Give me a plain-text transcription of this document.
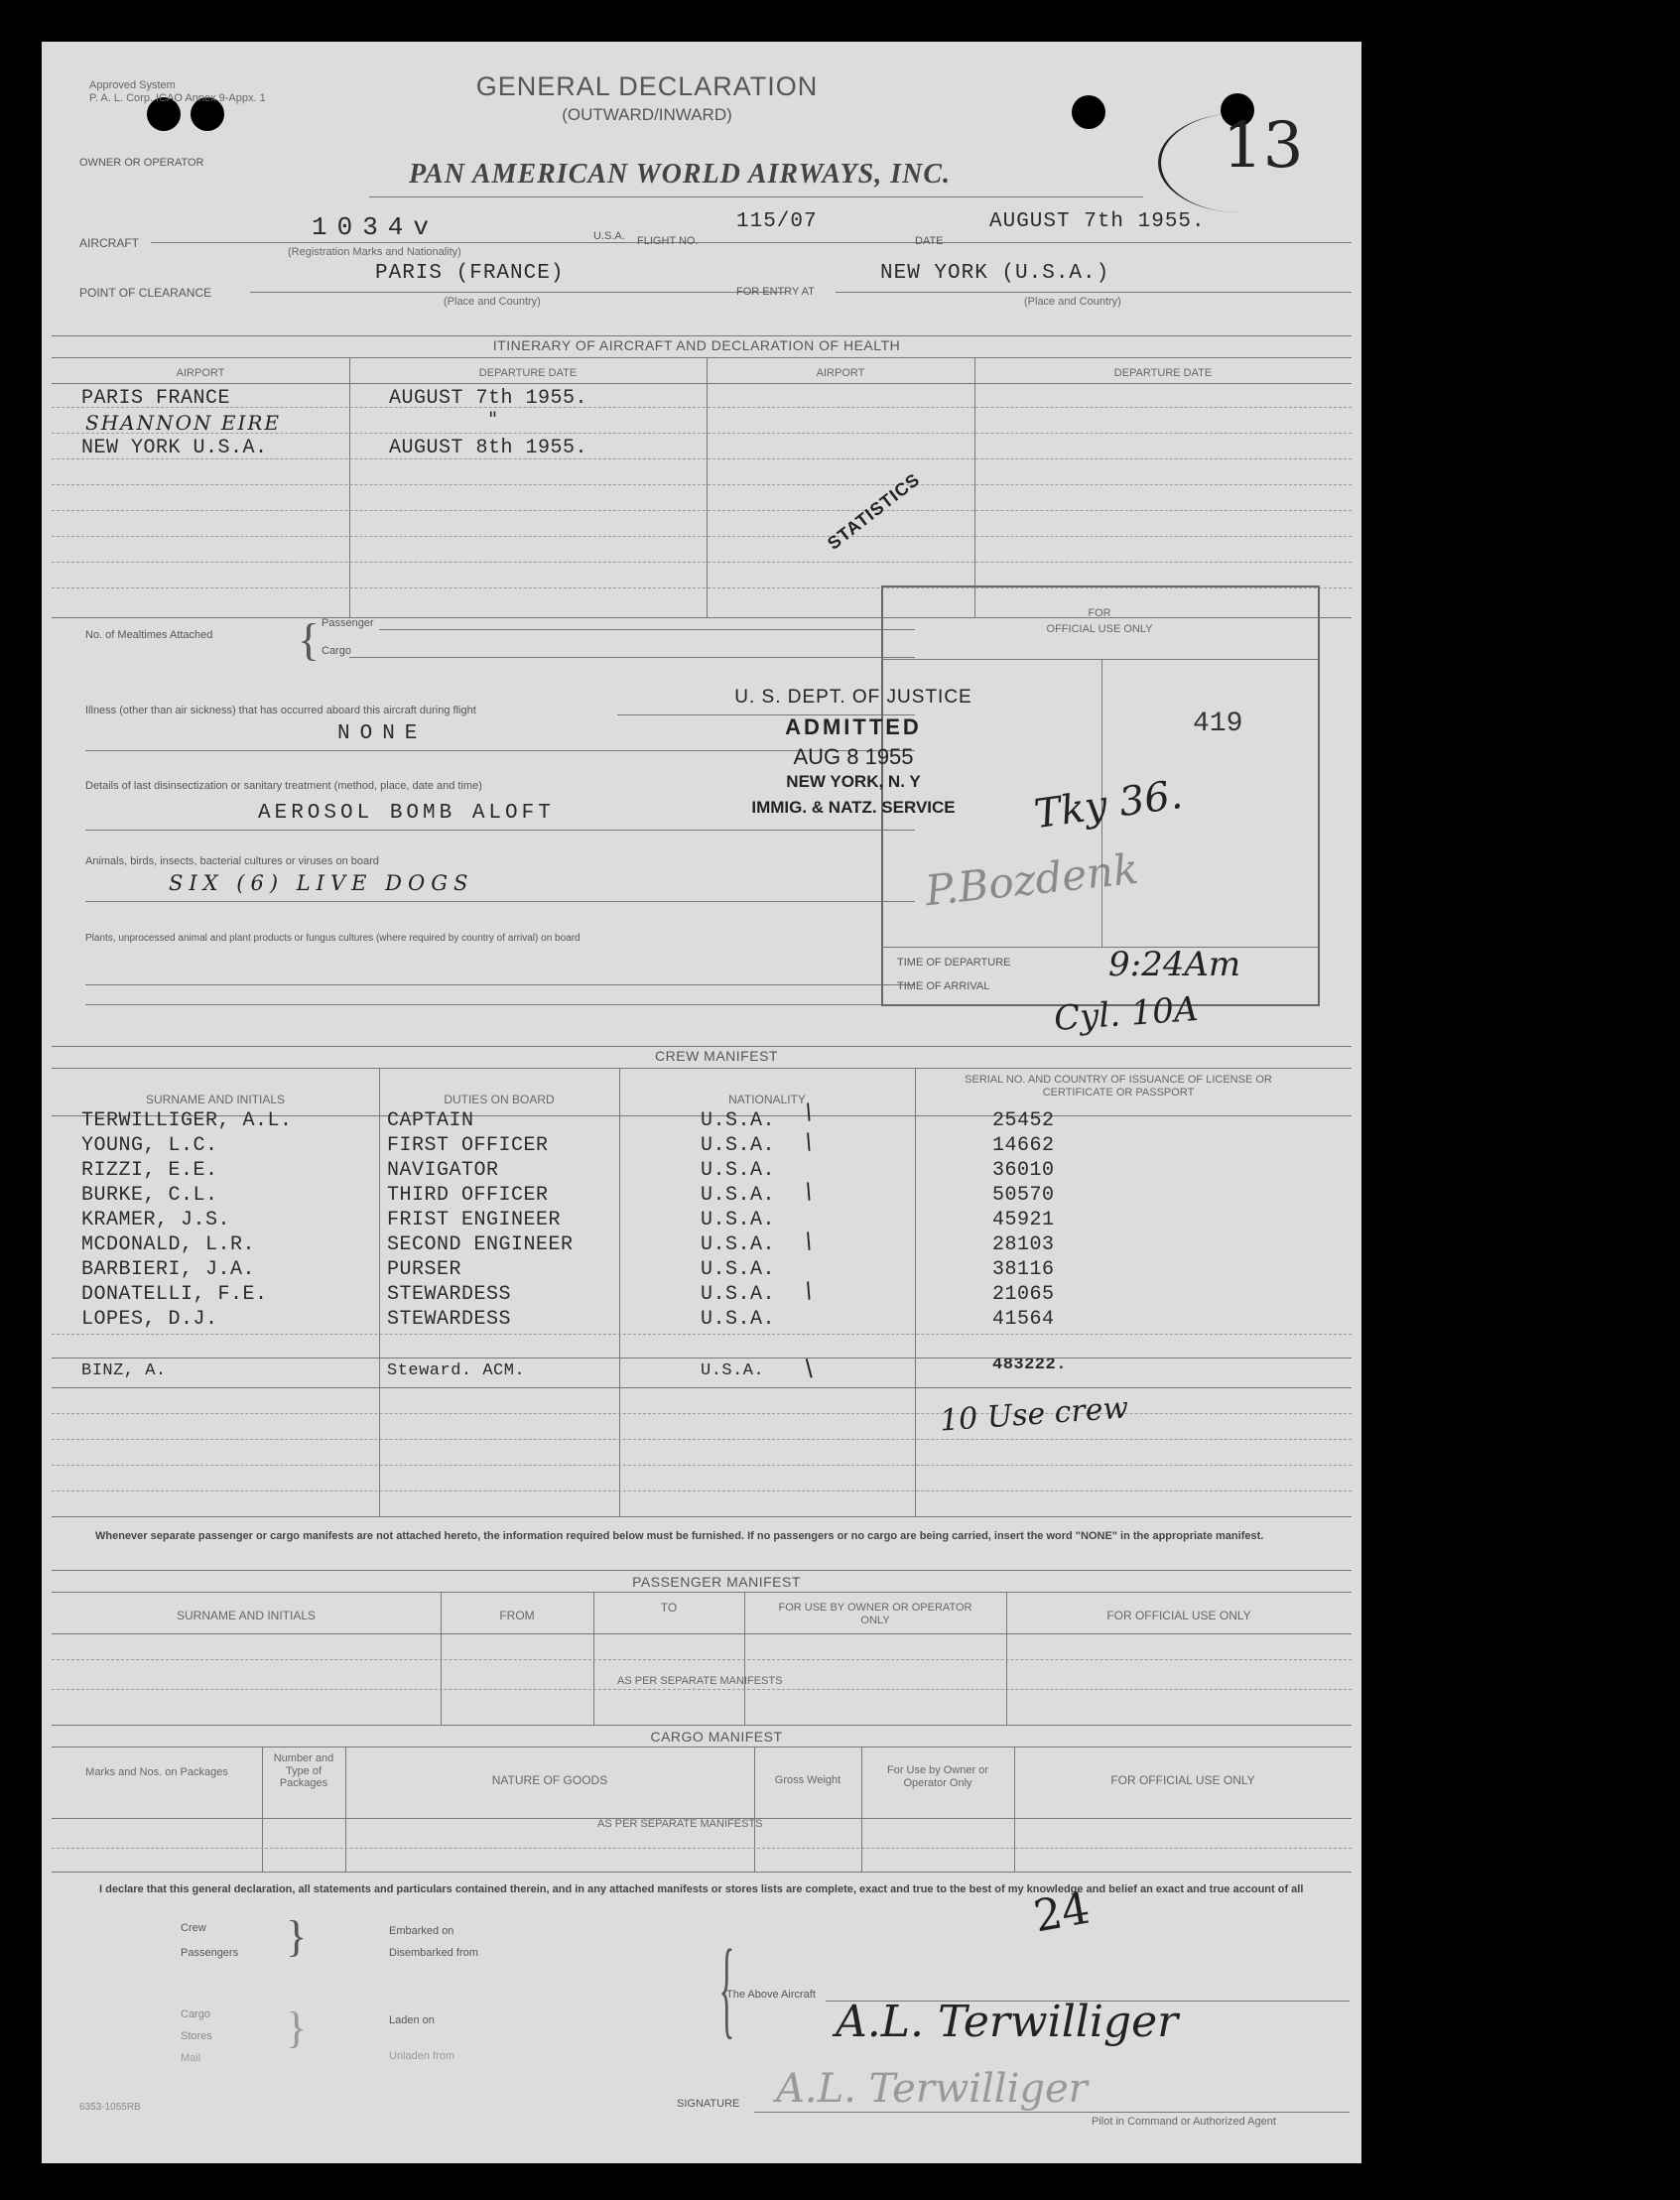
Approved System
P. A. L. Corp. ICAO Annex 9-Appx. 1	GENERAL DECLARATION
(OUTWARD/INWARD)	13
OWNER OR OPERATOR	PAN AMERICAN WORLD AIRWAYS, INC.
AIRCRAFT
1034v
(Registration Marks and Nationality)
U.S.A. FLIGHT NO.
115/07
DATE
AUGUST 7th 1955.
POINT OF CLEARANCE
PARIS (FRANCE)
(Place and Country)
FOR ENTRY AT
NEW YORK (U.S.A.)
(Place and Country)
ITINERARY OF AIRCRAFT AND DECLARATION OF HEALTH
AIRPORT	DEPARTURE DATE	AIRPORT	DEPARTURE DATE
PARIS FRANCE	AUGUST 7th 1955.
SHANNON EIRE	"
NEW YORK U.S.A.	AUGUST 8th 1955.
STATISTICS
No. of Mealtimes Attached { Passenger
Cargo
Illness (other than air sickness) that has occurred aboard this aircraft during flight
NONE
Details of last disinsectization or sanitary treatment (method, place, date and time)
AEROSOL BOMB ALOFT
Animals, birds, insects, bacterial cultures or viruses on board
SIX (6) LIVE DOGS
Plants, unprocessed animal and plant products or fungus cultures (where required by country of arrival) on board
FOR
OFFICIAL USE ONLY
419
Tky 36.
P.Bozdenk
TIME OF DEPARTURE
TIME OF ARRIVAL
9:24Am
Cyl. 10A
U. S. DEPT. OF JUSTICE
ADMITTED
AUG 8 1955
NEW YORK, N. Y
IMMIG. & NATZ. SERVICE
CREW MANIFEST
SURNAME AND INITIALS	DUTIES ON BOARD	NATIONALITY
SERIAL NO. AND COUNTRY OF ISSUANCE OF LICENSE OR CERTIFICATE OR PASSPORT
TERWILLIGER, A.L.	CAPTAIN	U.S.A.	25452
YOUNG, L.C.	FIRST OFFICER	U.S.A.	14662
RIZZI, E.E.	NAVIGATOR	U.S.A.	36010
BURKE, C.L.	THIRD OFFICER	U.S.A.	50570
KRAMER, J.S.	FRIST ENGINEER	U.S.A.	45921
MCDONALD, L.R.	SECOND ENGINEER	U.S.A.	28103
BARBIERI, J.A.	PURSER	U.S.A.	38116
DONATELLI, F.E.	STEWARDESS	U.S.A.	21065
LOPES, D.J.	STEWARDESS	U.S.A.	41564
BINZ, A.	Steward. ACM.	U.S.A.	483222.
/
/
/
/
/
/
10 Use crew
Whenever separate passenger or cargo manifests are not attached hereto, the information required below must be furnished. If no passengers or no cargo are being carried, insert the word "NONE" in the appropriate manifest.
PASSENGER MANIFEST
SURNAME AND INITIALS	FROM
TO	FOR USE BY OWNER OR OPERATOR ONLY	FOR OFFICIAL USE ONLY
AS PER SEPARATE MANIFESTS
CARGO MANIFEST
Marks and Nos. on Packages
Number and Type of Packages	NATURE OF GOODS	Gross Weight
For Use by Owner or Operator Only	FOR OFFICIAL USE ONLY
AS PER SEPARATE MANIFESTS
I declare that this general declaration, all statements and particulars contained therein, and in any attached manifests or stores lists are complete, exact and true to the best of my knowledge and belief an exact and true account of all
24
Crew
Passengers }	Embarked on
Disembarked from
Cargo
Stores
Mail
}	Laden on
Unladen from
{
The Above Aircraft
A.L. Terwilliger
SIGNATURE A.L. Terwilliger
Pilot in Command or Authorized Agent
6353-1055RB
